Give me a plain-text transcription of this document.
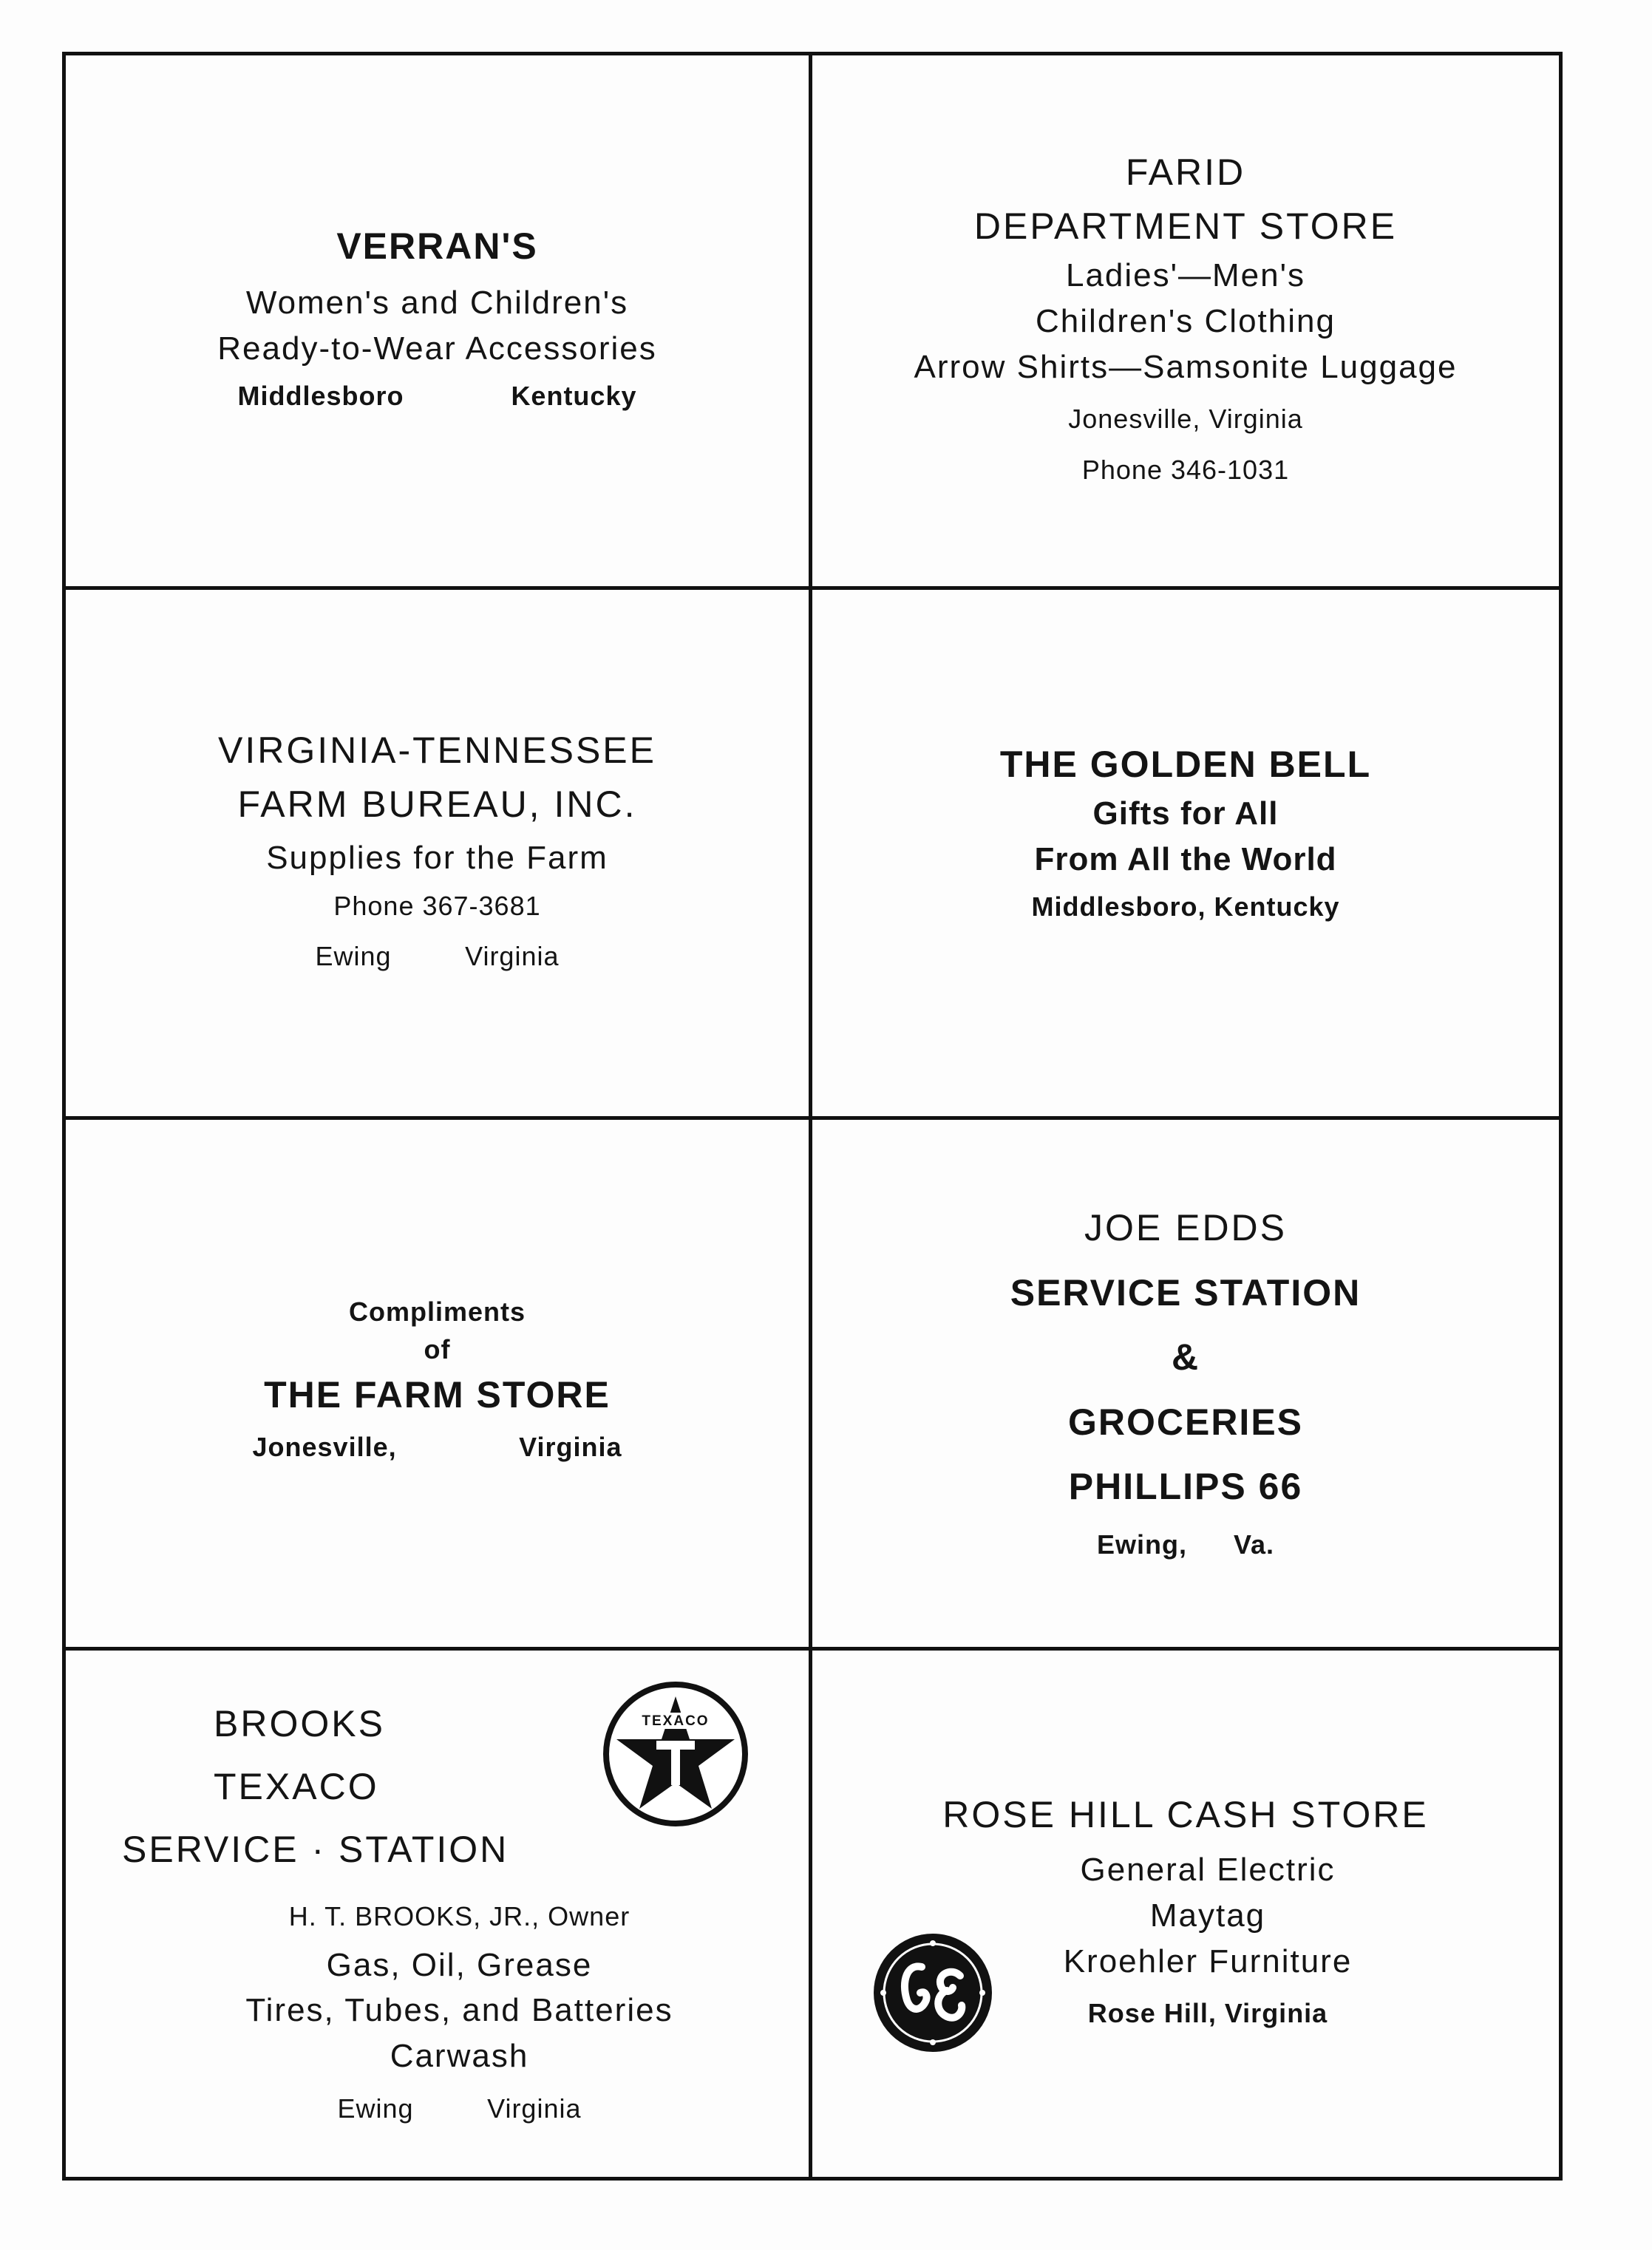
VERRAN'S
Women's and Children's
Ready-to-Wear Accessories
Middlesboro	Kentucky
FARID
DEPARTMENT STORE
Ladies'—Men's
Children's Clothing
Arrow Shirts—Samsonite Luggage
Jonesville, Virginia
Phone 346-1031
VIRGINIA-TENNESSEE
FARM BUREAU, INC.
Supplies for the Farm
Phone 367-3681
Ewing	Virginia
THE GOLDEN BELL
Gifts for All
From All the World
Middlesboro, Kentucky
Compliments
of
THE FARM STORE
Jonesville,	Virginia
JOE EDDS
SERVICE STATION
&
GROCERIES
PHILLIPS 66
Ewing, Va.
TEXACO
BROOKS
TEXACO
SERVICE · STATION
H. T. BROOKS, JR., Owner
Gas, Oil, Grease
Tires, Tubes, and Batteries
Carwash
Ewing	Virginia
ROSE HILL CASH STORE
General Electric
Maytag
Kroehler Furniture
Rose Hill, Virginia
